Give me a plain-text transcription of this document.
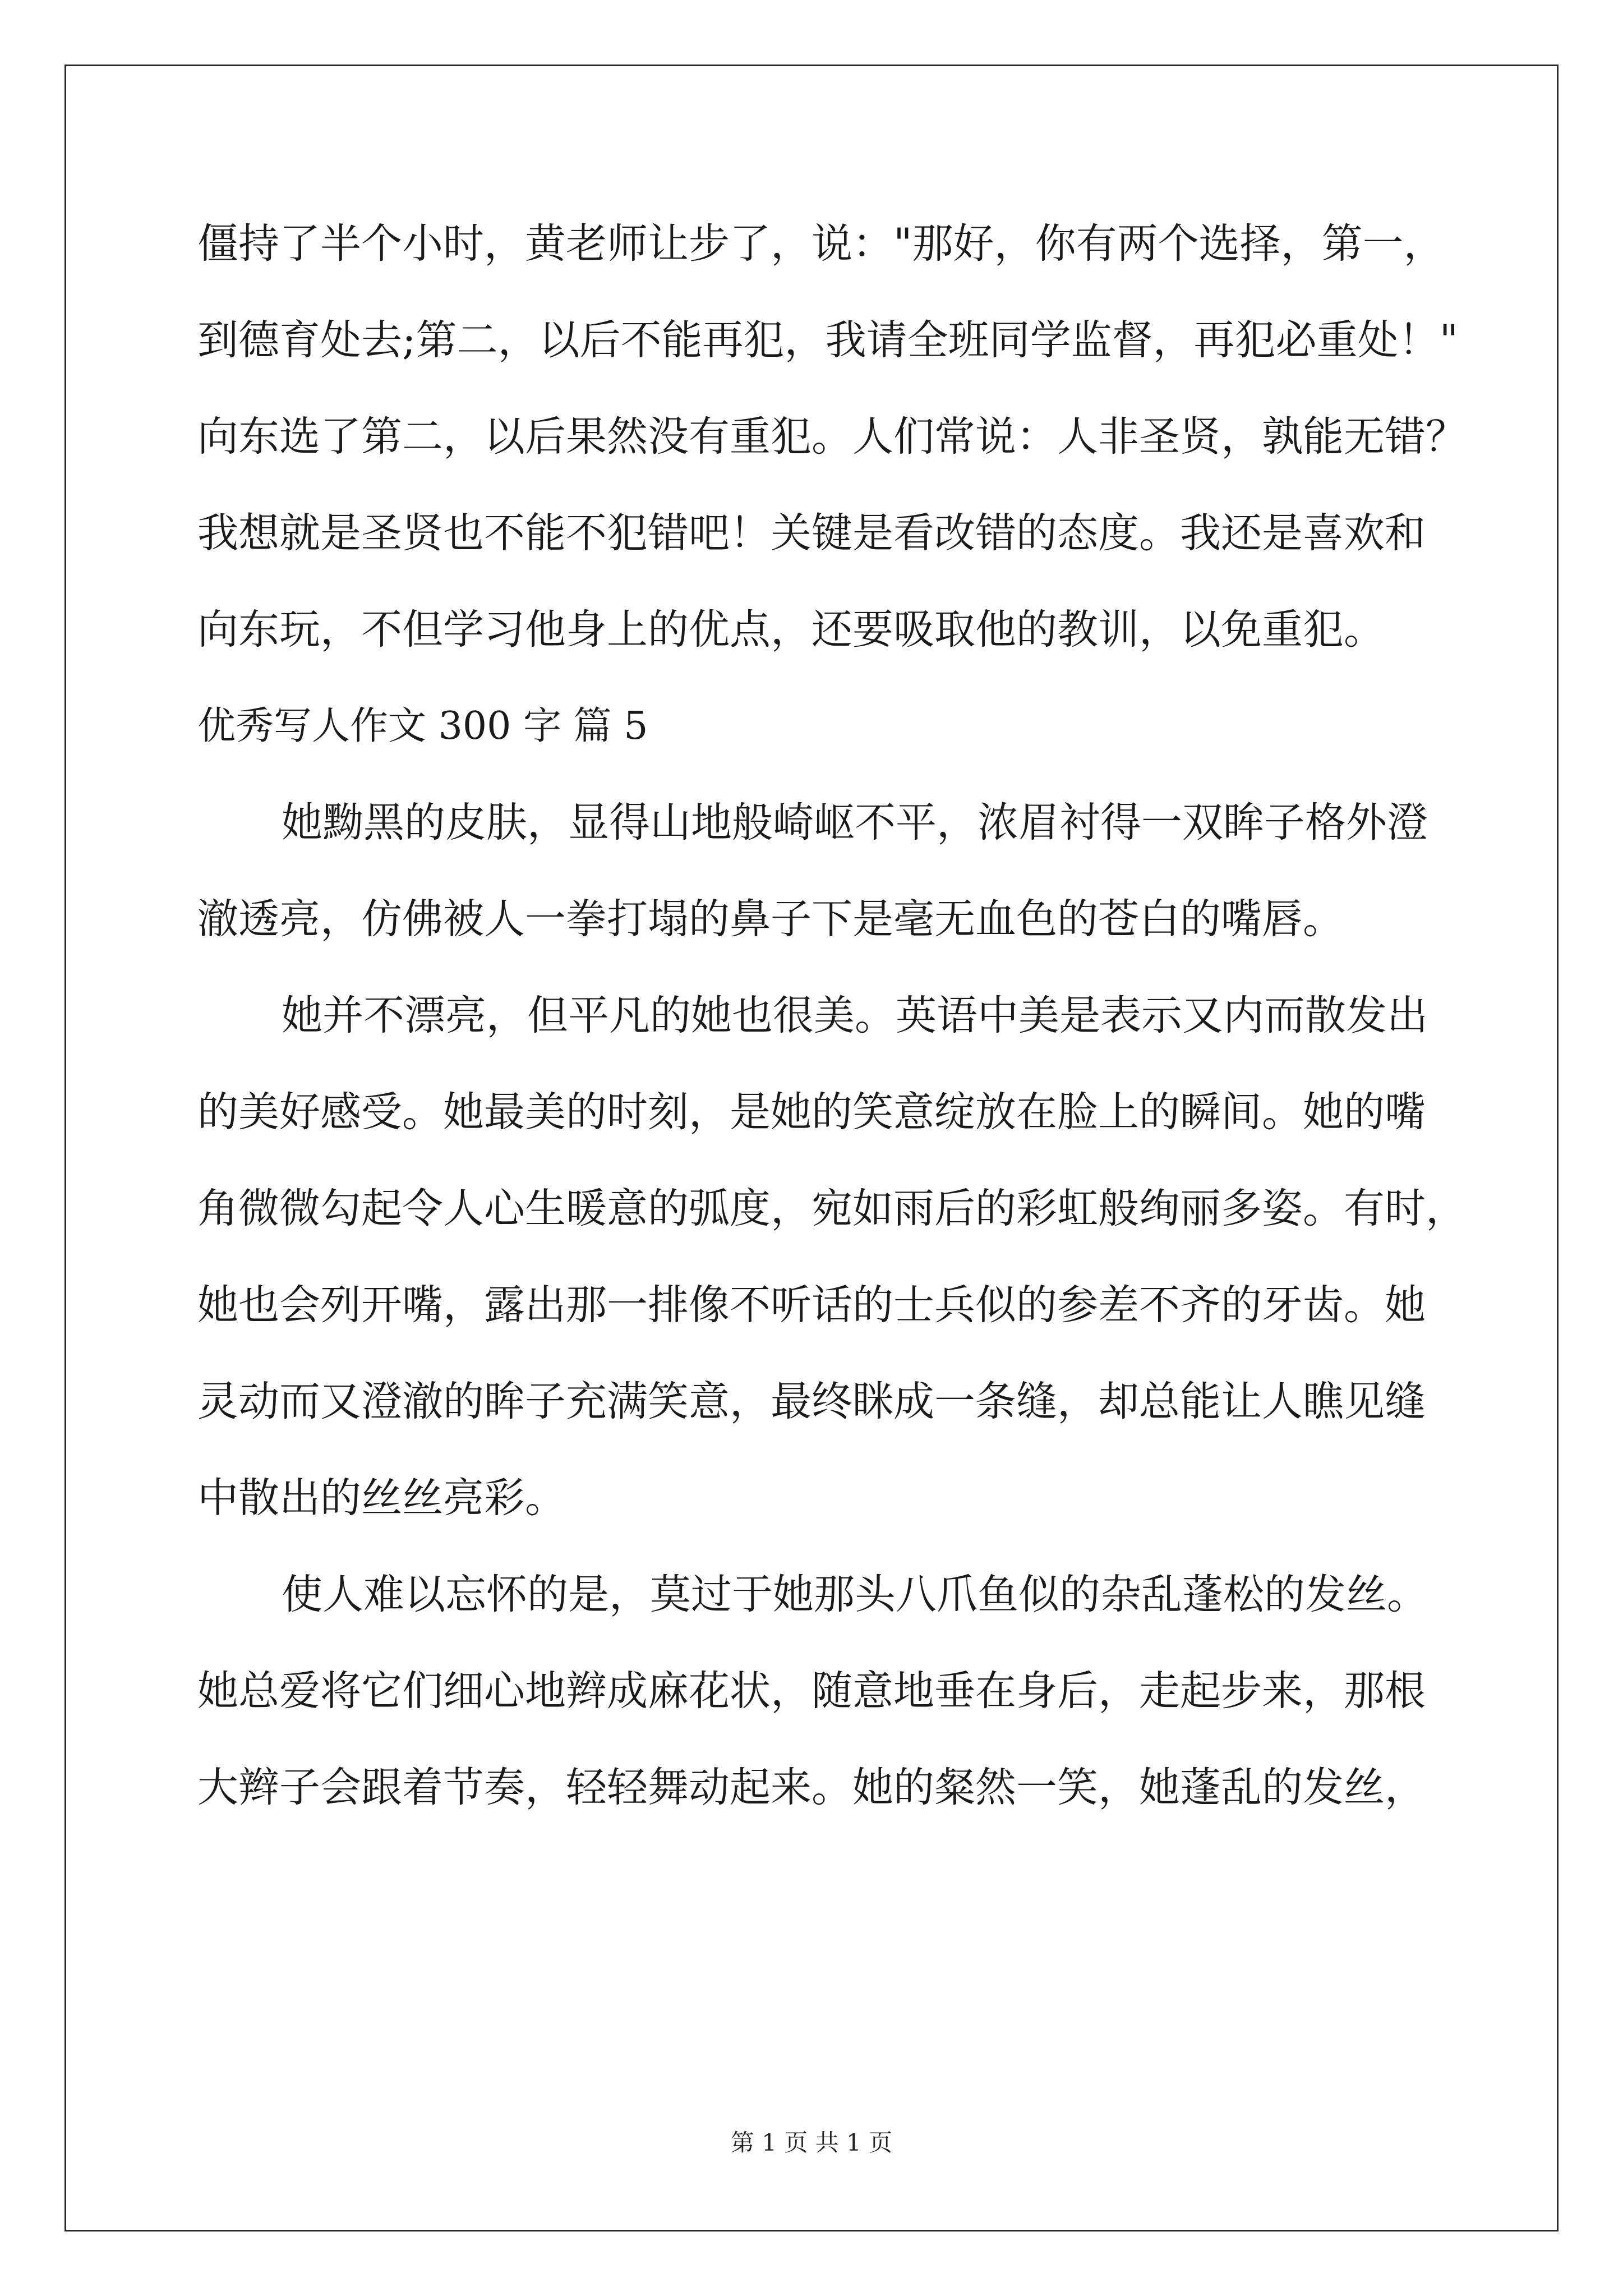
僵持了半个小时，黄老师让步了，说："那好，你有两个选择，第一，
到德育处去;第二，以后不能再犯，我请全班同学监督，再犯必重处！"
向东选了第二，以后果然没有重犯。人们常说：人非圣贤，孰能无错？
我想就是圣贤也不能不犯错吧！关键是看改错的态度。我还是喜欢和
向东玩，不但学习他身上的优点，还要吸取他的教训，以免重犯。
优秀写人作文 300 字 篇 5
她黝黑的皮肤，显得山地般崎岖不平，浓眉衬得一双眸子格外澄
澈透亮，仿佛被人一拳打塌的鼻子下是毫无血色的苍白的嘴唇。
她并不漂亮，但平凡的她也很美。英语中美是表示又内而散发出
的美好感受。她最美的时刻，是她的笑意绽放在脸上的瞬间。她的嘴
角微微勾起令人心生暖意的弧度，宛如雨后的彩虹般绚丽多姿。有时，
她也会列开嘴，露出那一排像不听话的士兵似的参差不齐的牙齿。她
灵动而又澄澈的眸子充满笑意，最终眯成一条缝，却总能让人瞧见缝
中散出的丝丝亮彩。
使人难以忘怀的是，莫过于她那头八爪鱼似的杂乱蓬松的发丝。
她总爱将它们细心地辫成麻花状，随意地垂在身后，走起步来，那根
大辫子会跟着节奏，轻轻舞动起来。她的粲然一笑，她蓬乱的发丝，
第 1 页 共 1 页
